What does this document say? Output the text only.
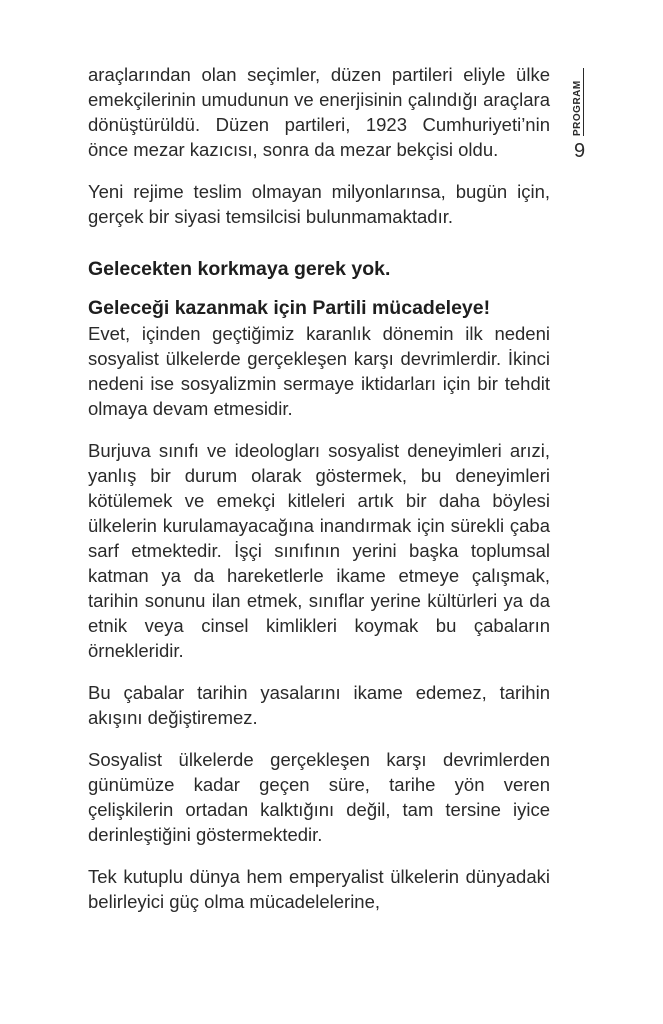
PROGRAM
9

araçlarından olan seçimler, düzen partileri eliyle ülke emekçilerinin umudunun ve enerjisinin çalındığı araçlara dönüştürüldü. Düzen partileri, 1923 Cumhuriyeti’nin önce mezar kazıcısı, sonra da mezar bekçisi oldu.

Yeni rejime teslim olmayan milyonlarınsa, bugün için, gerçek bir siyasi temsilcisi bulunmamaktadır.

Gelecekten korkmaya gerek yok.
Geleceği kazanmak için Partili mücadeleye!

Evet, içinden geçtiğimiz karanlık dönemin ilk nedeni sosyalist ülkelerde gerçekleşen karşı devrimlerdir. İkinci nedeni ise sosyalizmin sermaye iktidarları için bir tehdit olmaya devam etmesidir.

Burjuva sınıfı ve ideologları sosyalist deneyimleri arızi, yanlış bir durum olarak göstermek, bu deneyimleri kötülemek ve emekçi kitleleri artık bir daha böylesi ülkelerin kurulamayacağına inandırmak için sürekli çaba sarf etmektedir. İşçi sınıfının yerini başka toplumsal katman ya da hareketlerle ikame etmeye çalışmak, tarihin sonunu ilan etmek, sınıflar yerine kültürleri ya da etnik veya cinsel kimlikleri koymak bu çabaların örnekleridir.

Bu çabalar tarihin yasalarını ikame edemez, tarihin akışını değiştiremez.

Sosyalist ülkelerde gerçekleşen karşı devrimlerden günümüze kadar geçen süre, tarihe yön veren çelişkilerin ortadan kalktığını değil, tam tersine iyice derinleştiğini göstermektedir.

Tek kutuplu dünya hem emperyalist ülkelerin dünyadaki belirleyici güç olma mücadelelerine,
